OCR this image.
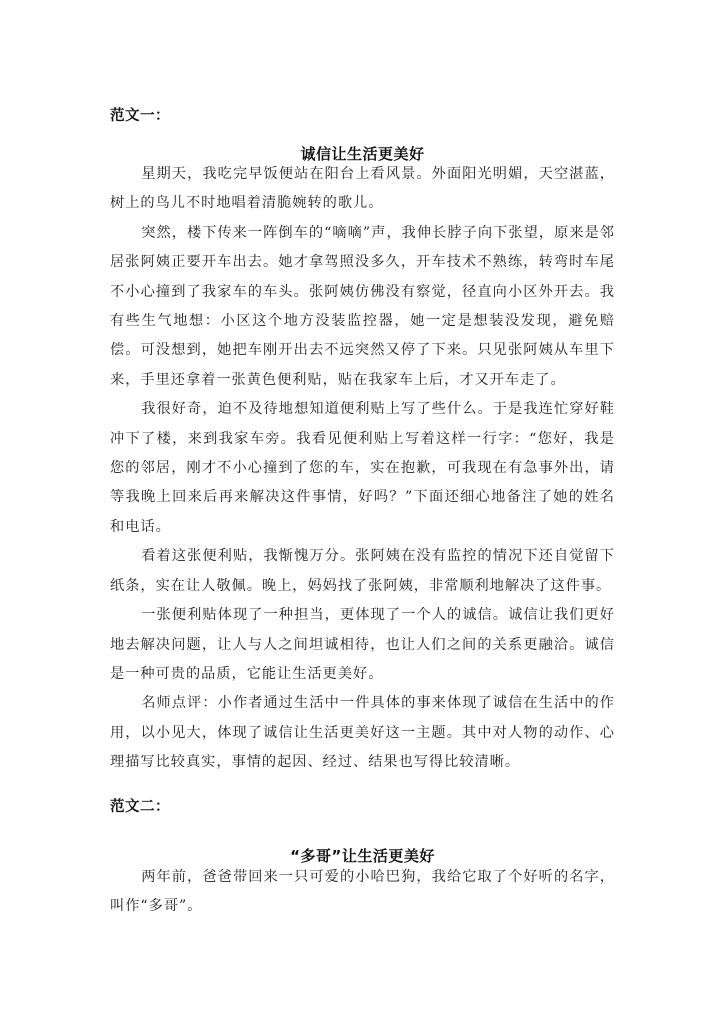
范文一：
诚信让生活更美好

星期天，我吃完早饭便站在阳台上看风景。外面阳光明媚，天空湛蓝，树上的鸟儿不时地唱着清脆婉转的歌儿。

突然，楼下传来一阵倒车的“嘀嘀”声，我伸长脖子向下张望，原来是邻居张阿姨正要开车出去。她才拿驾照没多久，开车技术不熟练，转弯时车尾不小心撞到了我家车的车头。张阿姨仿佛没有察觉，径直向小区外开去。我有些生气地想：小区这个地方没装监控器，她一定是想装没发现，避免赔偿。可没想到，她把车刚开出去不远突然又停了下来。只见张阿姨从车里下来，手里还拿着一张黄色便利贴，贴在我家车上后，才又开车走了。

我很好奇，迫不及待地想知道便利贴上写了些什么。于是我连忙穿好鞋冲下了楼，来到我家车旁。我看见便利贴上写着这样一行字：“您好，我是您的邻居，刚才不小心撞到了您的车，实在抱歉，可我现在有急事外出，请等我晚上回来后再来解决这件事情，好吗？”下面还细心地备注了她的姓名和电话。

看着这张便利贴，我惭愧万分。张阿姨在没有监控的情况下还自觉留下纸条，实在让人敬佩。晚上，妈妈找了张阿姨，非常顺利地解决了这件事。

一张便利贴体现了一种担当，更体现了一个人的诚信。诚信让我们更好地去解决问题，让人与人之间坦诚相待，也让人们之间的关系更融洽。诚信是一种可贵的品质，它能让生活更美好。

名师点评：小作者通过生活中一件具体的事来体现了诚信在生活中的作用，以小见大，体现了诚信让生活更美好这一主题。其中对人物的动作、心理描写比较真实，事情的起因、经过、结果也写得比较清晰。

范文二：
“多哥”让生活更美好

两年前，爸爸带回来一只可爱的小哈巴狗，我给它取了个好听的名字，叫作“多哥”。
